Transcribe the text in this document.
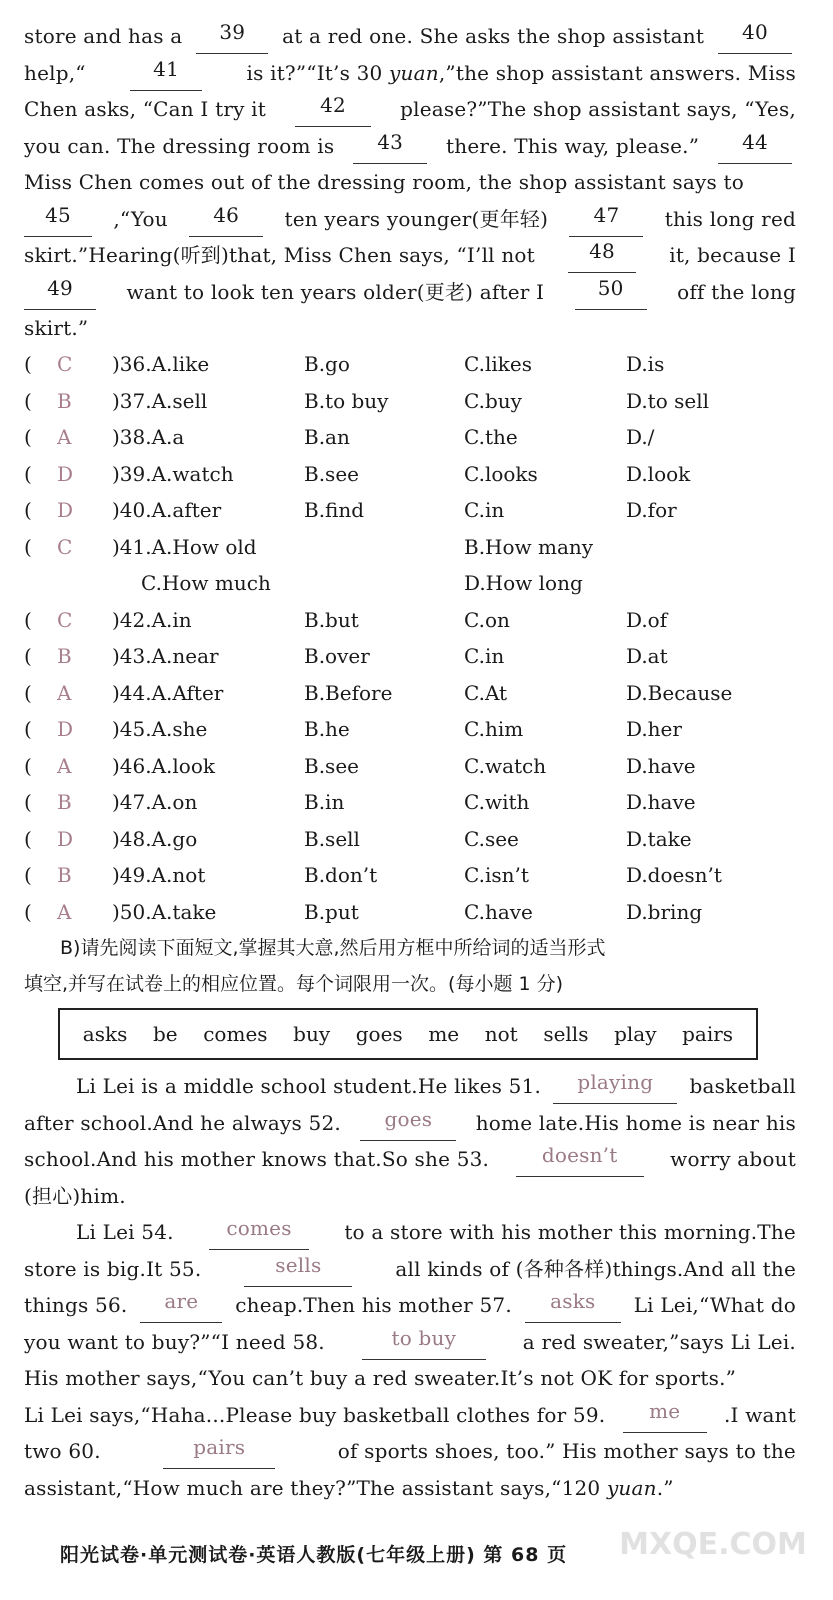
store and has a	39	at a red one. She asks the shop assistant	40
help,“	41	is it?”“It’s 30 yuan,”the shop assistant answers. Miss
Chen asks, “Can I try it	42	please?”The shop assistant says, “Yes,
you can. The dressing room is	43	there. This way, please.”	44
Miss Chen comes out of the dressing room, the shop assistant says to
45	,“You	46	ten years younger(更年轻)	47	this long red
skirt.”Hearing(听到)that, Miss Chen says, “I’ll not	48	it, because I
49	want to look ten years older(更老) after I	50	off the long
skirt.”
( C )36.A.like	B.go	C.likes	D.is
( B )37.A.sell	B.to buy	C.buy	D.to sell
( A )38.A.a	B.an	C.the	D./
( D )39.A.watch	B.see	C.looks	D.look
( D )40.A.after	B.find	C.in	D.for
( C )41.A.How old	B.How many
C.How much	D.How long
( C )42.A.in	B.but	C.on	D.of
( B )43.A.near	B.over	C.in	D.at
( A )44.A.After	B.Before	C.At	D.Because
( D )45.A.she	B.he	C.him	D.her
( A )46.A.look	B.see	C.watch	D.have
( B )47.A.on	B.in	C.with	D.have
( D )48.A.go	B.sell	C.see	D.take
( B )49.A.not	B.don’t	C.isn’t	D.doesn’t
( A )50.A.take	B.put	C.have	D.bring
B)请先阅读下面短文,掌握其大意,然后用方框中所给词的适当形式
填空,并写在试卷上的相应位置。每个词限用一次。(每小题 1 分)
asks be comes buy goes me not sells play pairs
Li Lei is a middle school student.He likes 51.	playing	basketball
after school.And he always 52.	goes	home late.His home is near his
school.And his mother knows that.So she 53.	doesn’t	worry about
(担心)him.
Li Lei 54.	comes	to a store with his mother this morning.The
store is big.It 55.	sells	all kinds of (各种各样)things.And all the
things 56.	are	cheap.Then his mother 57.	asks	Li Lei,“What do
you want to buy?”“I need 58.	to buy	a red sweater,”says Li Lei.
His mother says,“You can’t buy a red sweater.It’s not OK for sports.”
Li Lei says,“Haha...Please buy basketball clothes for 59.	me	.I want
two 60.	pairs	of sports shoes, too.” His mother says to the
assistant,“How much are they?”The assistant says,“120 yuan.”
阳光试卷·单元测试卷·英语人教版(七年级上册) 第 68 页 MXQE.COM
